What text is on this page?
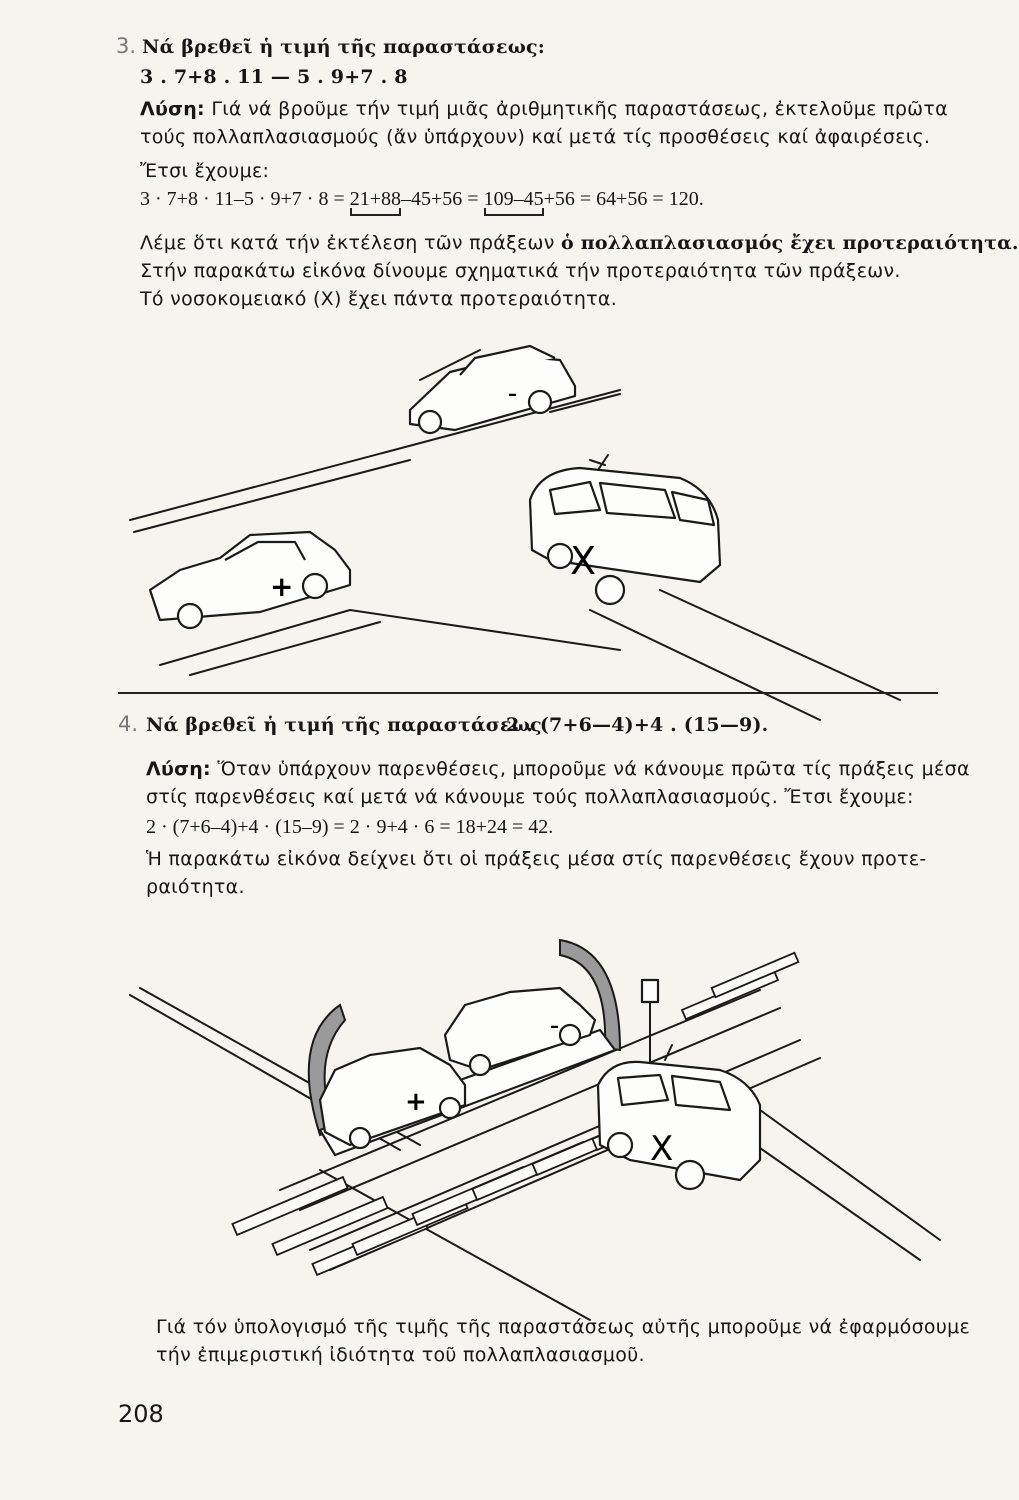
3. Νά βρεθεῖ ἡ τιμή τῆς παραστάσεως:
3 . 7+8 . 11 — 5 . 9+7 . 8
Λύση: Γιά νά βροῦμε τήν τιμή μιᾶς ἀριθμητικῆς παραστάσεως, ἐκτελοῦμε πρῶτα
τούς πολλαπλασιασμούς (ἄν ὑπάρχουν) καί μετά τίς προσθέσεις καί ἀφαιρέσεις.
Ἔτσι ἔχουμε:
3 · 7+8 · 11–5 · 9+7 · 8 = 21+88
–45+56 = 109–45
+56 = 64+56 = 120.
Λέμε ὅτι κατά τήν ἐκτέλεση τῶν πράξεων ὁ πολλαπλασιασμός ἔχει προτεραιότητα.
Στήν παρακάτω εἰκόνα δίνουμε σχηματικά τήν προτεραιότητα τῶν πράξεων.
Τό νοσοκομειακό (Χ) ἔχει πάντα προτεραιότητα.
–
X
+
4. Νά βρεθεῖ ἡ τιμή τῆς παραστάσεως
2 . (7+6—4)+4 . (15—9).
Λύση: Ὅταν ὑπάρχουν παρενθέσεις, μποροῦμε νά κάνουμε πρῶτα τίς πράξεις μέσα
στίς παρενθέσεις καί μετά νά κάνουμε τούς πολλαπλασιασμούς. Ἔτσι ἔχουμε:
2 · (7+6–4)+4 · (15–9) = 2 · 9+4 · 6 = 18+24 = 42.
Ἡ παρακάτω εἰκόνα δείχνει ὅτι οἱ πράξεις μέσα στίς παρενθέσεις ἔχουν προτε-
ραιότητα.
+
–
X
Γιά τόν ὑπολογισμό τῆς τιμῆς τῆς παραστάσεως αὐτῆς μποροῦμε νά ἐφαρμόσουμε
τήν ἐπιμεριστική ἰδιότητα τοῦ πολλαπλασιασμοῦ.
208
